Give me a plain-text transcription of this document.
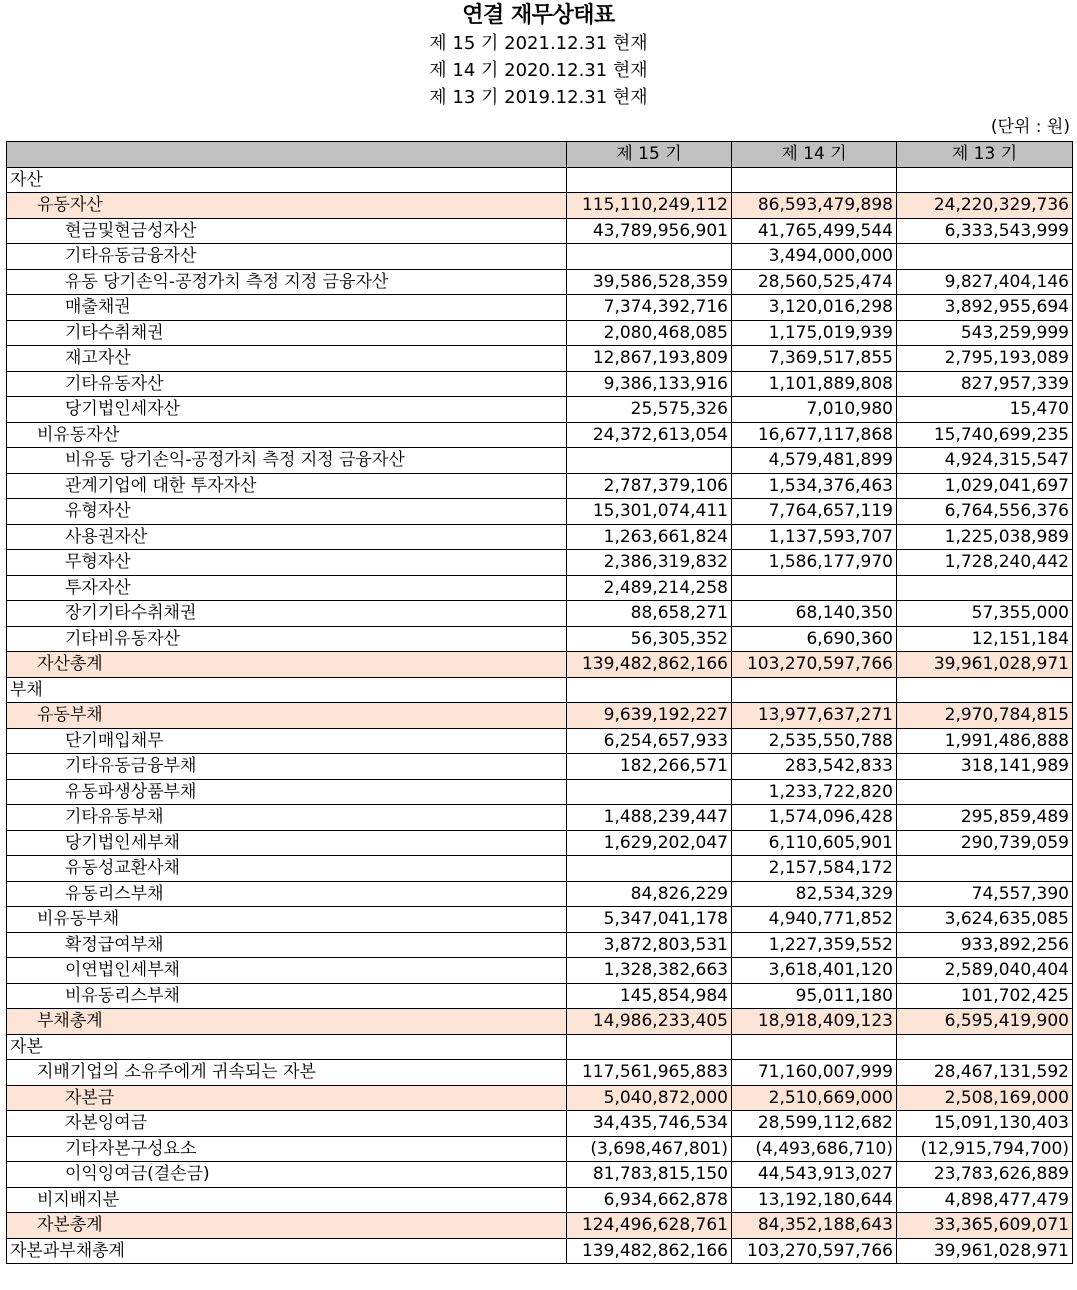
연결 재무상태표
제 15 기 2021.12.31 현재
제 14 기 2020.12.31 현재
제 13 기 2019.12.31 현재
(단위 : 원)
	제 15 기	제 14 기	제 13 기
자산			
유동자산	115,110,249,112	86,593,479,898	24,220,329,736
현금및현금성자산	43,789,956,901	41,765,499,544	6,333,543,999
기타유동금융자산		3,494,000,000	
유동 당기손익-공정가치 측정 지정 금융자산	39,586,528,359	28,560,525,474	9,827,404,146
매출채권	7,374,392,716	3,120,016,298	3,892,955,694
기타수취채권	2,080,468,085	1,175,019,939	543,259,999
재고자산	12,867,193,809	7,369,517,855	2,795,193,089
기타유동자산	9,386,133,916	1,101,889,808	827,957,339
당기법인세자산	25,575,326	7,010,980	15,470
비유동자산	24,372,613,054	16,677,117,868	15,740,699,235
비유동 당기손익-공정가치 측정 지정 금융자산		4,579,481,899	4,924,315,547
관계기업에 대한 투자자산	2,787,379,106	1,534,376,463	1,029,041,697
유형자산	15,301,074,411	7,764,657,119	6,764,556,376
사용권자산	1,263,661,824	1,137,593,707	1,225,038,989
무형자산	2,386,319,832	1,586,177,970	1,728,240,442
투자자산	2,489,214,258		
장기기타수취채권	88,658,271	68,140,350	57,355,000
기타비유동자산	56,305,352	6,690,360	12,151,184
자산총계	139,482,862,166	103,270,597,766	39,961,028,971
부채			
유동부채	9,639,192,227	13,977,637,271	2,970,784,815
단기매입채무	6,254,657,933	2,535,550,788	1,991,486,888
기타유동금융부채	182,266,571	283,542,833	318,141,989
유동파생상품부채		1,233,722,820	
기타유동부채	1,488,239,447	1,574,096,428	295,859,489
당기법인세부채	1,629,202,047	6,110,605,901	290,739,059
유동성교환사채		2,157,584,172	
유동리스부채	84,826,229	82,534,329	74,557,390
비유동부채	5,347,041,178	4,940,771,852	3,624,635,085
확정급여부채	3,872,803,531	1,227,359,552	933,892,256
이연법인세부채	1,328,382,663	3,618,401,120	2,589,040,404
비유동리스부채	145,854,984	95,011,180	101,702,425
부채총계	14,986,233,405	18,918,409,123	6,595,419,900
자본			
지배기업의 소유주에게 귀속되는 자본	117,561,965,883	71,160,007,999	28,467,131,592
자본금	5,040,872,000	2,510,669,000	2,508,169,000
자본잉여금	34,435,746,534	28,599,112,682	15,091,130,403
기타자본구성요소	(3,698,467,801)	(4,493,686,710)	(12,915,794,700)
이익잉여금(결손금)	81,783,815,150	44,543,913,027	23,783,626,889
비지배지분	6,934,662,878	13,192,180,644	4,898,477,479
자본총계	124,496,628,761	84,352,188,643	33,365,609,071
자본과부채총계	139,482,862,166	103,270,597,766	39,961,028,971
